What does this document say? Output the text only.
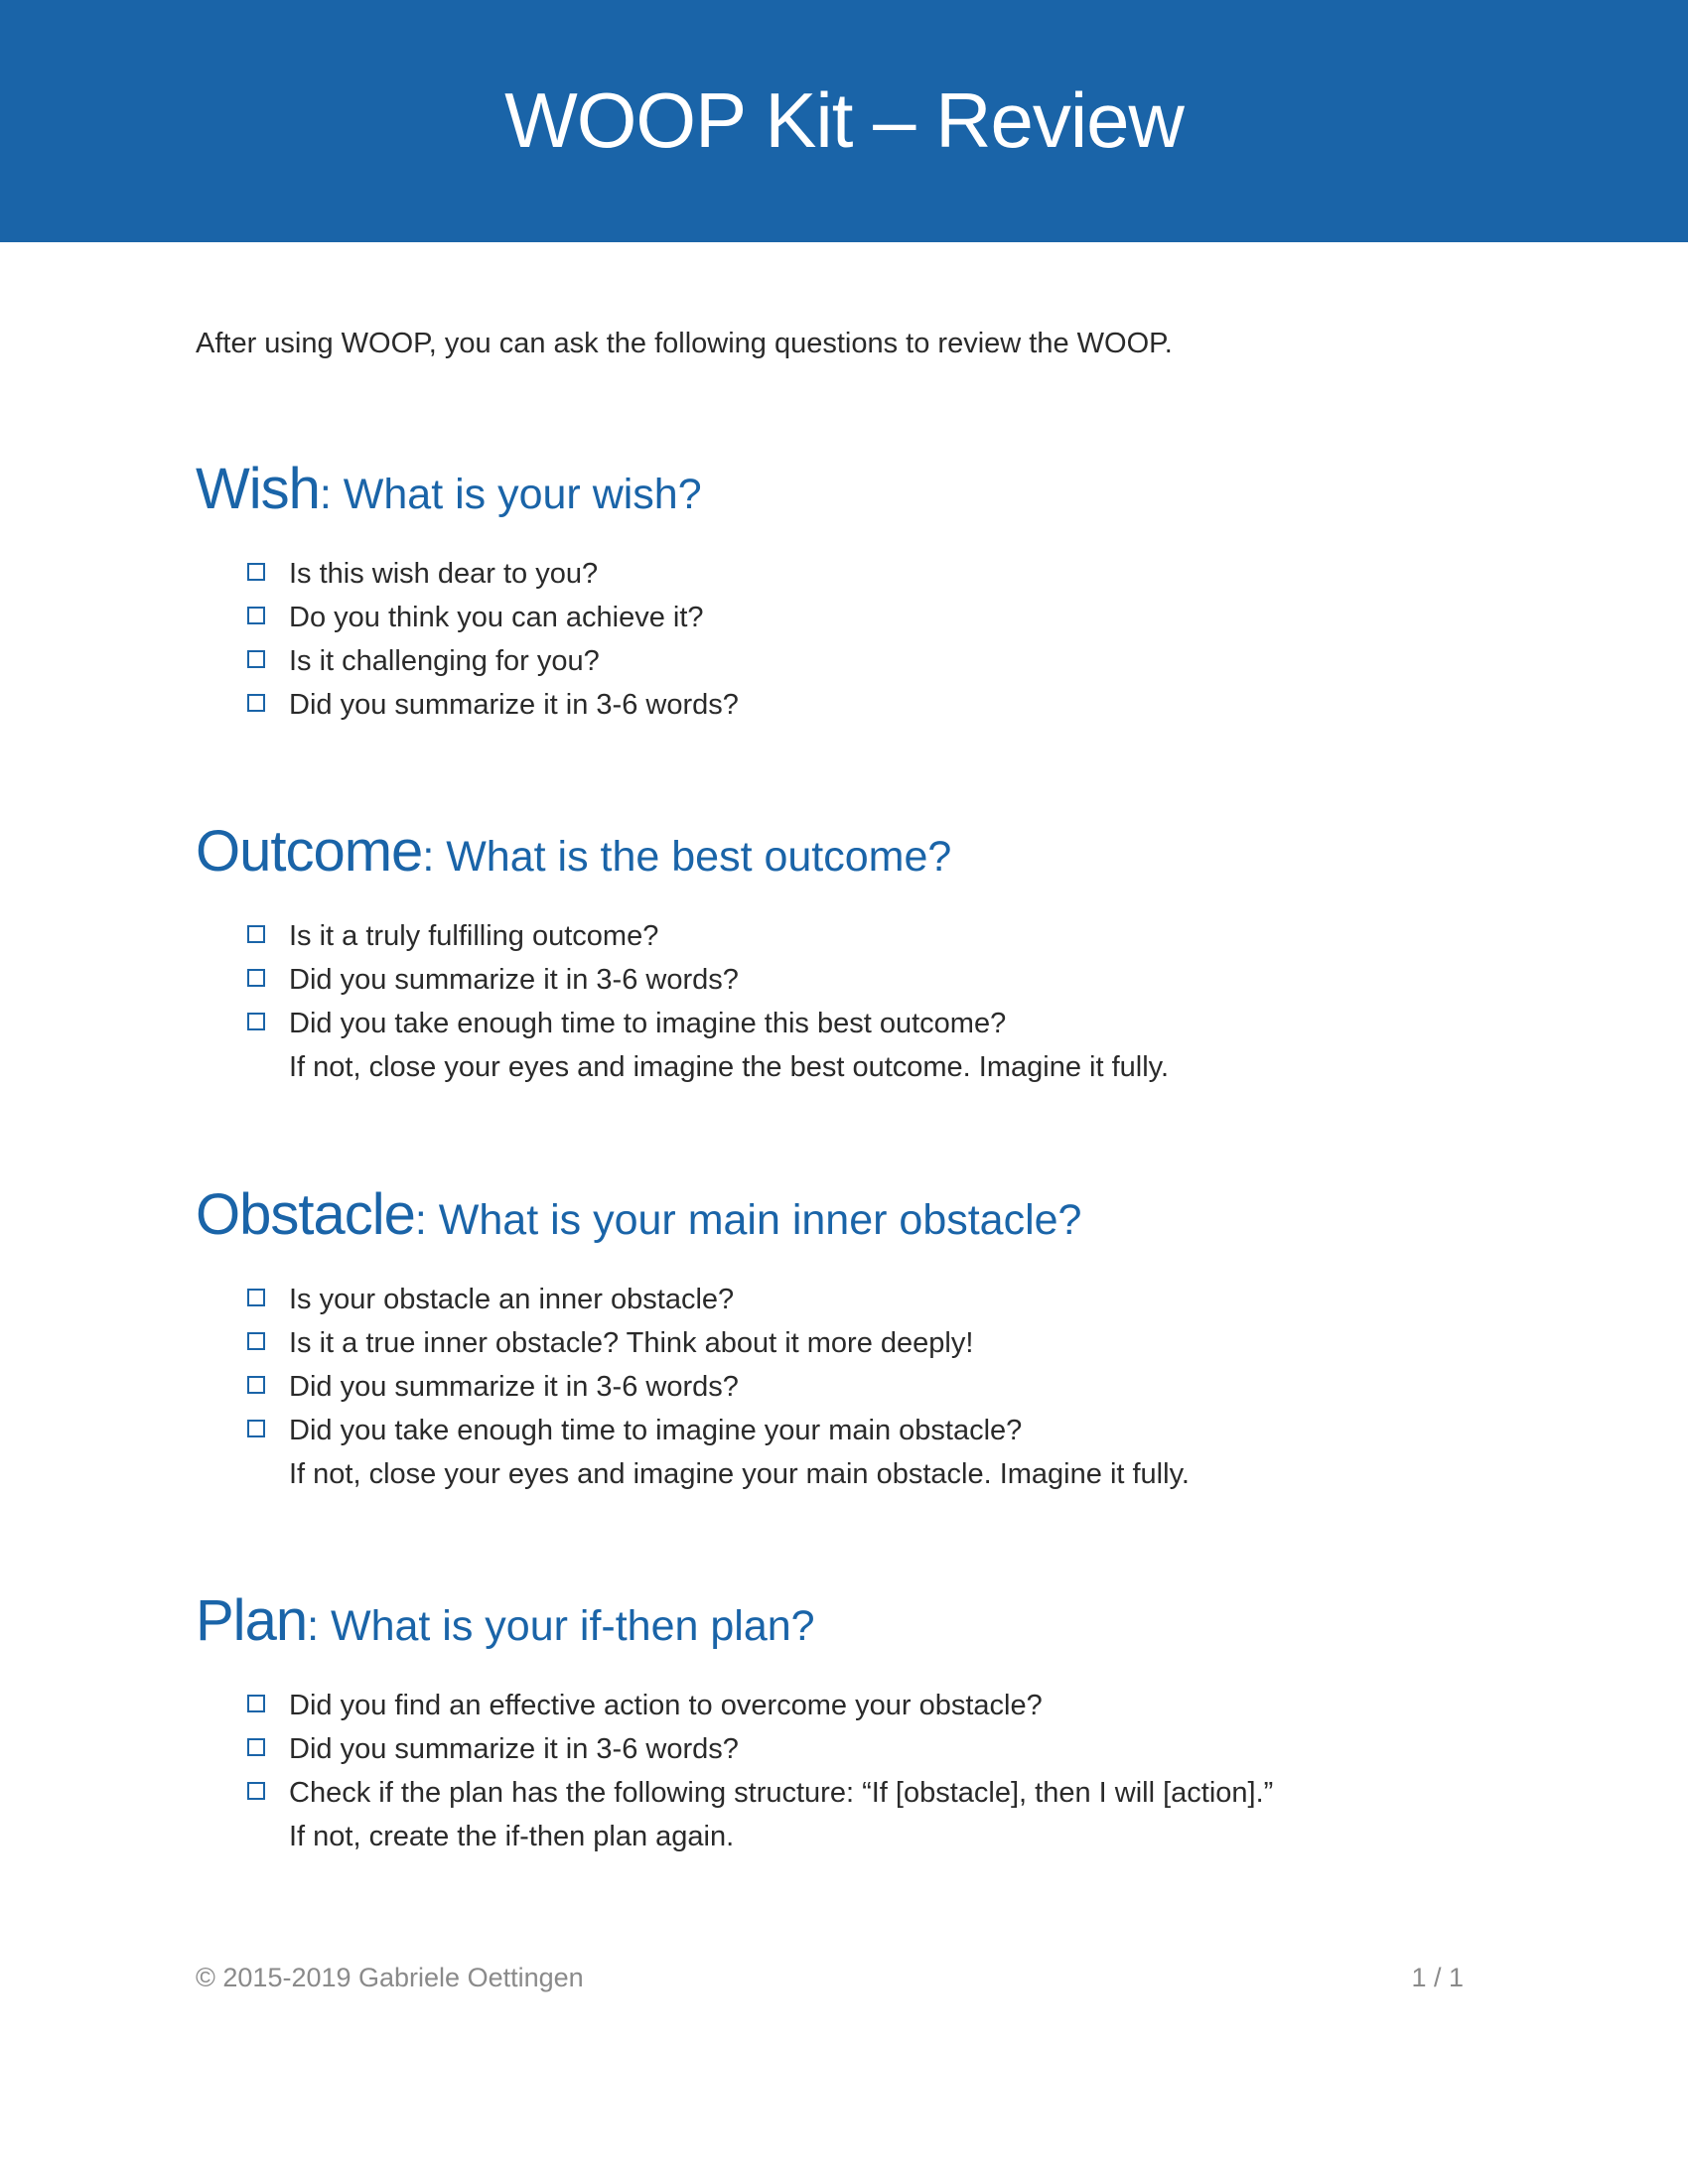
WOOP Kit – Review

After using WOOP, you can ask the following questions to review the WOOP.

Wish: What is your wish?
Is this wish dear to you?
Do you think you can achieve it?
Is it challenging for you?
Did you summarize it in 3-6 words?
Outcome: What is the best outcome?
Is it a truly fulfilling outcome?
Did you summarize it in 3-6 words?
Did you take enough time to imagine this best outcome?
If not, close your eyes and imagine the best outcome. Imagine it fully.
Obstacle: What is your main inner obstacle?
Is your obstacle an inner obstacle?
Is it a true inner obstacle? Think about it more deeply!
Did you summarize it in 3-6 words?
Did you take enough time to imagine your main obstacle?
If not, close your eyes and imagine your main obstacle. Imagine it fully.
Plan: What is your if-then plan?
Did you find an effective action to overcome your obstacle?
Did you summarize it in 3-6 words?
Check if the plan has the following structure: “If [obstacle], then I will [action].”
If not, create the if-then plan again.

© 2015-2019 Gabriele Oettingen	1 / 1
